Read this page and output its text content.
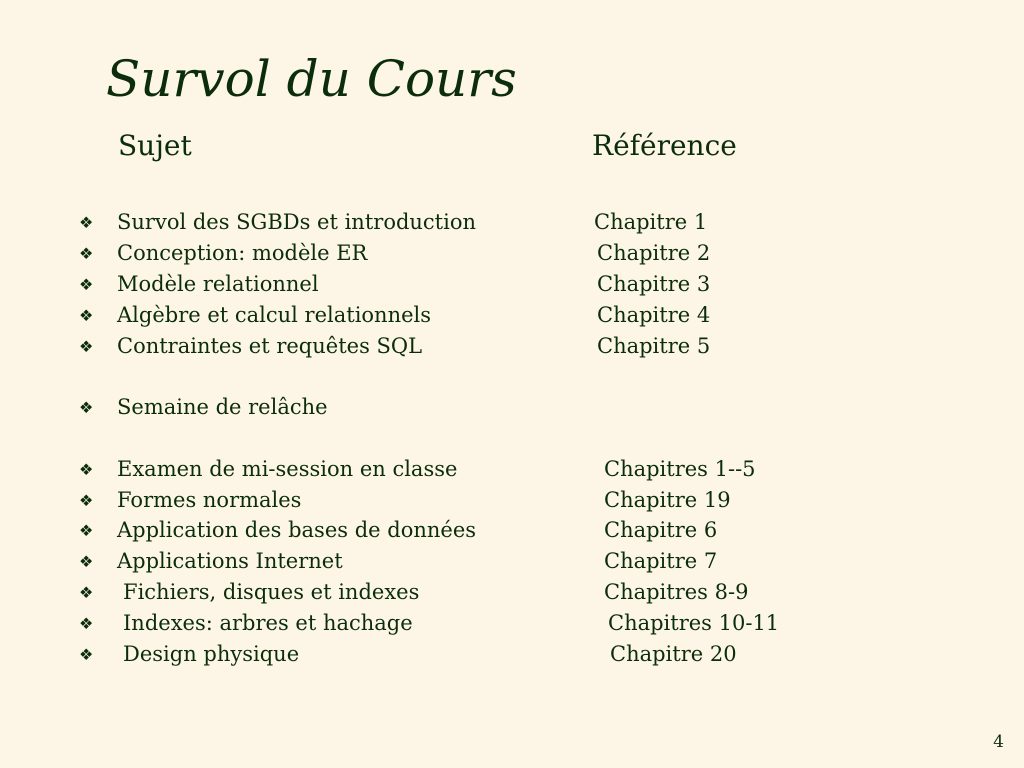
Survol du Cours
Sujet	Référence
❖ Survol des SGBDs et introduction	Chapitre 1
❖ Conception: modèle ER	Chapitre 2
❖ Modèle relationnel	Chapitre 3
❖ Algèbre et calcul relationnels	Chapitre 4
❖ Contraintes et requêtes SQL	Chapitre 5
❖ Semaine de relâche
❖ Examen de mi-session en classe	Chapitres 1--5
❖ Formes normales	Chapitre 19
❖ Application des bases de données	Chapitre 6
❖ Applications Internet	Chapitre 7
❖ Fichiers, disques et indexes	Chapitres 8-9
❖ Indexes: arbres et hachage	Chapitres 10-11
❖ Design physique	Chapitre 20
4
